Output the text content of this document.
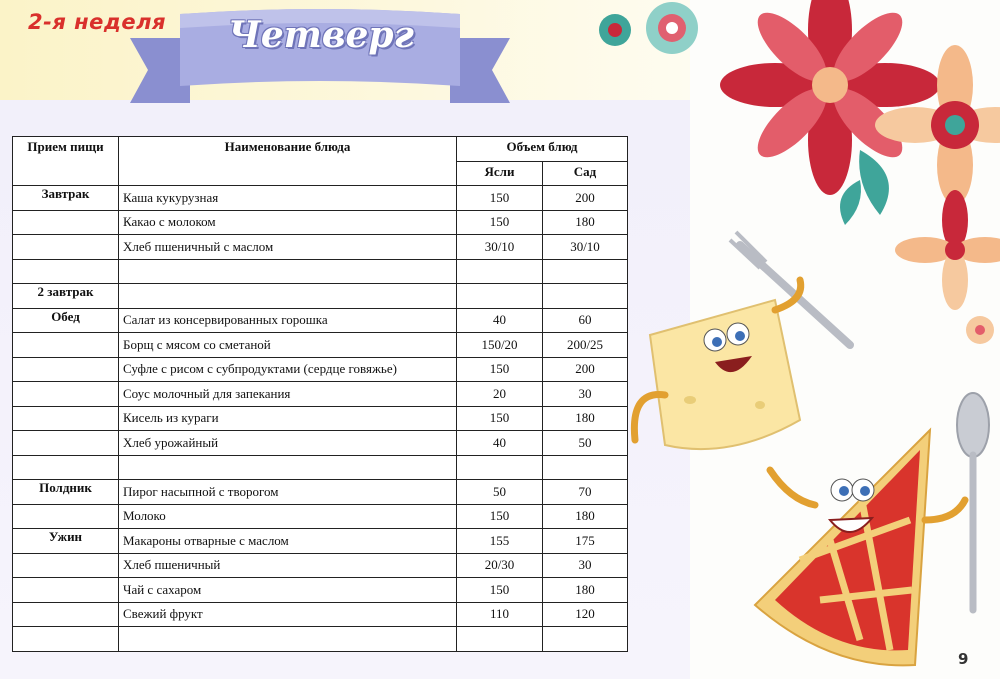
2-я неделя Четверг
Прием пищи	Наименование блюда	Объем блюд	
		Ясли	Сад
Завтрак	Каша кукурузная	150	200
	Какао с молоком	150	180
	Хлеб пшеничный с маслом	30/10	30/10

2 завтрак			
Обед	Салат из консервированных горошка	40	60
	Борщ с мясом со сметаной	150/20	200/25
	Суфле с рисом с субпродуктами (сердце говяжье)	150	200
	Соус молочный для запекания	20	30
	Кисель из кураги	150	180
	Хлеб урожайный	40	50

Полдник	Пирог насыпной с творогом	50	70
	Молоко	150	180
Ужин	Макароны отварные с маслом	155	175
	Хлеб пшеничный	20/30	30
	Чай с сахаром	150	180
	Свежий фрукт	110	120

9
